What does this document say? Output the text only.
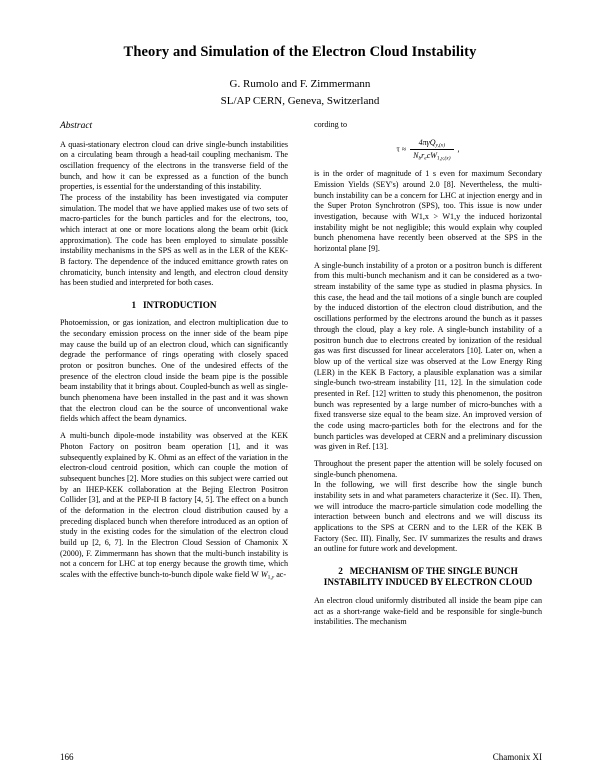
Theory and Simulation of the Electron Cloud Instability
G. Rumolo and F. Zimmermann
SL/AP CERN, Geneva, Switzerland
Abstract

A quasi-stationary electron cloud can drive single-bunch instabilities on a circulating beam through a head-tail coupling mechanism. The oscillation frequency of the electrons in the transverse field of the bunch, and how it can be expressed as a function of the bunch properties, is essential for the understanding of this instability.

The process of the instability has been investigated via computer simulation. The model that we have applied makes use of two sets of macro-particles for the bunch particles and for the electrons, too, which interact at one or more locations along the beam orbit (kick approximation). The code has been employed to simulate possible instability mechanisms in the SPS as well as in the LER of the KEK-B factory. The dependence of the induced emittance growth rates on chromaticity, bunch intensity and length, and electron cloud density has been studied and interpreted for both cases.

1 INTRODUCTION

Photoemission, or gas ionization, and electron multiplication due to the secondary emission process on the inner side of the beam pipe may cause the build up of an electron cloud, which can significantly degrade the performance of rings operating with closely spaced proton or positron bunches. One of the undesired effects of the presence of the electron cloud inside the beam pipe is the possible beam instability that it brings about. Coupled-bunch as well as single-bunch phenomena have been installed in the past and it was shown that the electron cloud can be the source of unconventional wake fields which affect the beam dynamics.

A multi-bunch dipole-mode instability was observed at the KEK Photon Factory on positron beam operation [1], and it was subsequently explained by K. Ohmi as an effect of the variation in the electron-cloud centroid position, which can couple the motion of subsequent bunches [2]. More studies on this subject were carried out by an IHEP-KEK collaboration at the Bejing Electron Positron Collider [3], and at the PEP-II B factory [4, 5]. The effect on a bunch of the deformation in the electron cloud distribution caused by a preceding displaced bunch when therefore introduced as an option of study in the existing codes for the simulation of the electron cloud build up [2, 6, 7]. In the Electron Cloud Session of Chamonix X (2000), F. Zimmermann has shown that the multi-bunch instability is not a concern for LHC at top energy because the growth time, which scales with the effective bunch-to-bunch dipole wake field W $W_{1,y}$ ac-

cording to

$\tau \approx \frac{4\pi\gamma Q_{y,(x)}}{N_br_ecW_{1,y,(x)}}$ ,

is in the order of magnitude of 1 s even for maximum Secondary Emission Yields (SEY's) around 2.0 [8]. Nevertheless, the multi-bunch instability can be a concern for LHC at injection energy and in the Super Proton Synchrotron (SPS), too. This issue is now under investigation, because with W1,x > W1,y the induced horizontal instability might be not negligible; this would explain why coupled bunch phenomena have recently been observed at the SPS in the horizontal plane [9].

A single-bunch instability of a proton or a positron bunch is different from this multi-bunch mechanism and it can be considered as a two-stream instability of the same type as studied in plasma physics. In this case, the head and the tail motions of a single bunch are coupled by the induced distortion of the electron cloud distribution, and the oscillations performed by the electrons around the bunch as it passes through the cloud, play a key role. A single-bunch instability of a positron bunch due to electrons created by ionization of the residual gas was first discussed for linear accelerators [10]. Later on, when a blow up of the vertical size was observed at the Low Energy Ring (LER) in the KEK B Factory, a plausible explanation was a similar single-bunch two-stream instability [11, 12]. In the simulation code presented in Ref. [12] written to study this phenomenon, the positron bunch was represented by a large number of micro-bunches with a fixed transverse size equal to the beam size. An improved version of the code using macro-particles both for the electrons and for the bunch particles was developed at CERN and a preliminary discussion was given in Ref. [13].

Throughout the present paper the attention will be solely focused on single-bunch phenomena.

In the following, we will first describe how the single bunch instability sets in and what parameters characterize it (Sec. II). Then, we will introduce the macro-particle simulation code modelling the interaction between bunch and electrons and we will discuss its applications to the SPS at CERN and to the LER of the KEK B Factory (Sec. III). Finally, Sec. IV summarizes the results and draws an outline for future work and development.

2 MECHANISM OF THE SINGLE BUNCH INSTABILITY INDUCED BY ELECTRON CLOUD

An electron cloud uniformly distributed all inside the beam pipe can act as a short-range wake-field and be responsible for single-bunch instabilities. The mechanism

166	Chamonix XI
